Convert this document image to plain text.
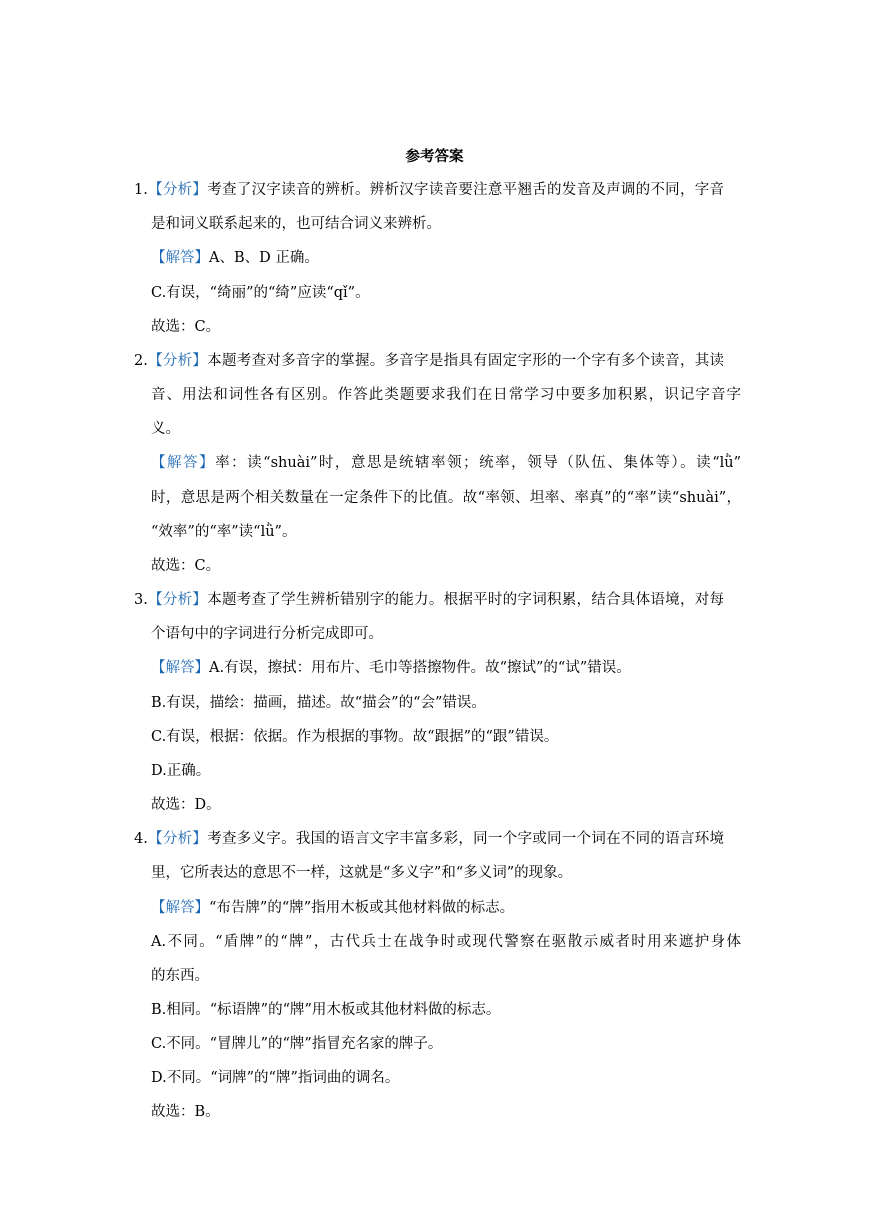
参考答案
1.【分析】考查了汉字读音的辨析。辨析汉字读音要注意平翘舌的发音及声调的不同，字音
是和词义联系起来的，也可结合词义来辨析。
【解答】A、B、D 正确。
C.有误，“绮丽”的“绮”应读“qǐ”。
故选：C。
2.【分析】本题考查对多音字的掌握。多音字是指具有固定字形的一个字有多个读音，其读
音、用法和词性各有区别。作答此类题要求我们在日常学习中要多加积累，识记字音字
义。
【解答】率：读“shuài”时，意思是统辖率领；统率，领导（队伍、集体等）。读“lǜ”
时，意思是两个相关数量在一定条件下的比值。故“率领、坦率、率真”的“率”读“shuài”，
“效率”的“率”读“lǜ”。
故选：C。
3.【分析】本题考查了学生辨析错别字的能力。根据平时的字词积累，结合具体语境，对每
个语句中的字词进行分析完成即可。
【解答】A.有误，擦拭：用布片、毛巾等搭擦物件。故“擦试”的“试”错误。
B.有误，描绘：描画，描述。故“描会”的“会”错误。
C.有误，根据：依据。作为根据的事物。故“跟据”的“跟”错误。
D.正确。
故选：D。
4.【分析】考查多义字。我国的语言文字丰富多彩，同一个字或同一个词在不同的语言环境
里，它所表达的意思不一样，这就是“多义字”和“多义词”的现象。
【解答】“布告牌”的“牌”指用木板或其他材料做的标志。
A.不同。“盾牌”的“牌”，古代兵士在战争时或现代警察在驱散示威者时用来遮护身体
的东西。
B.相同。“标语牌”的“牌”用木板或其他材料做的标志。
C.不同。“冒牌儿”的“牌”指冒充名家的牌子。
D.不同。“词牌”的“牌”指词曲的调名。
故选：B。
